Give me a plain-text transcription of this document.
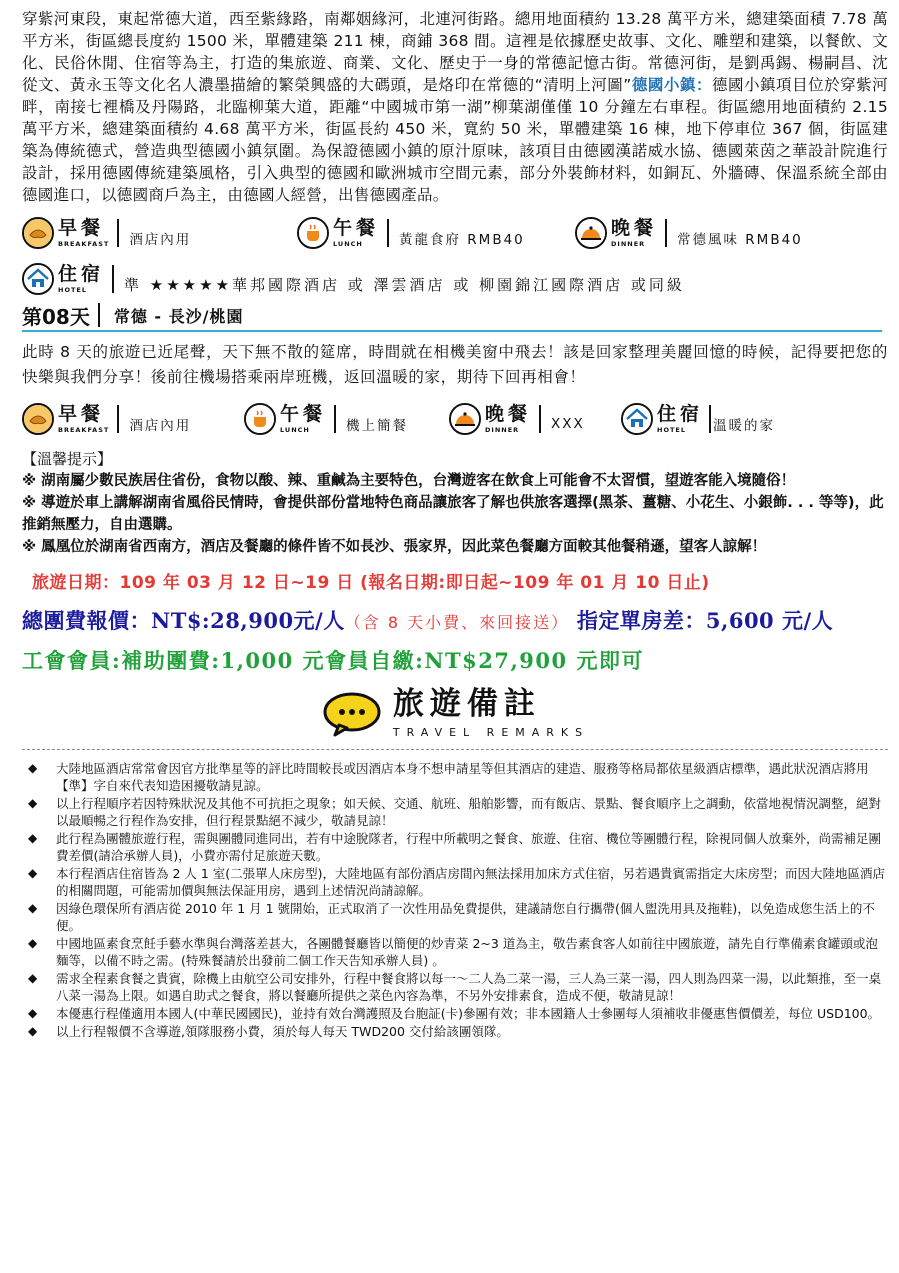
穿紫河東段，東起常德大道，西至紫緣路，南鄰姻緣河，北連河街路。總用地面積約 13.28 萬平方米，總建築面積 7.78 萬平方米，街區總長度約 1500 米，單體建築 211 棟，商鋪 368 間。這裡是依據歷史故事、文化、雕塑和建築，以餐飲、文化、民俗休閒、住宿等為主，打造的集旅遊、商業、文化、歷史于一身的常德記憶古街。常德河街，是劉禹錫、楊嗣昌、沈從文、黃永玉等文化名人濃墨描繪的繁榮興盛的大碼頭，是烙印在常德的“清明上河圖”德國小鎮：德國小鎮項目位於穿紫河畔，南接七裡橋及丹陽路，北臨柳葉大道，距離“中國城市第一湖”柳葉湖僅僅 10 分鐘左右車程。街區總用地面積約 2.15 萬平方米，總建築面積約 4.68 萬平方米，街區長約 450 米，寬約 50 米，單體建築 16 棟，地下停車位 367 個，街區建築為傳統德式，營造典型德國小鎮氛圍。為保證德國小鎮的原汁原味，該項目由德國漢諾威水協、德國萊茵之華設計院進行設計，採用德國傳統建築風格，引入典型的德國和歐洲城市空間元素，部分外裝飾材料，如銅瓦、外牆磚、保溫系統全部由德國進口，以德國商戶為主，由德國人經營，出售德國產品。

早餐
BREAKFAST 酒店內用
午餐
LUNCH	黃龍食府 RMB40
晚餐
DINNER	常德風味 RMB40
住宿
HOTEL	準 ★★★★★華邦國際酒店 或 澤雲酒店 或 柳園錦江國際酒店 或同級
第08天 常德 - 長沙/桃園

此時 8 天的旅遊已近尾聲，天下無不散的筵席，時間就在相機美窗中飛去！該是回家整理美麗回憶的時候，記得要把您的快樂與我們分享！後前往機場搭乘兩岸班機，返回溫暖的家，期待下回再相會！

早餐
BREAKFAST 酒店內用
午餐
LUNCH	機上簡餐
晚餐
DINNER	XXX	住宿
HOTEL	溫暖的家

【溫馨提示】

※ 湖南屬少數民族居住省份，食物以酸、辣、重鹹為主要特色，台灣遊客在飲食上可能會不太習慣，望遊客能入境隨俗！

※ 導遊於車上講解湖南省風俗民情時，會提供部份當地特色商品讓旅客了解也供旅客選擇(黑茶、薑糖、小花生、小銀飾. . . 等等)，此推銷無壓力，自由選購。

※ 鳳凰位於湖南省西南方，酒店及餐廳的條件皆不如長沙、張家界，因此菜色餐廳方面較其他餐稍遜，望客人諒解！

旅遊日期：109 年 03 月 12 日~19 日 (報名日期:即日起~109 年 01 月 10 日止)
總團費報價：NT$:28,900元/人（含 8 天小費、來回接送） 指定單房差：5,600 元/人
工會會員:補助團費:1,000 元會員自繳:NT$27,900 元即可
旅遊備註
TRAVEL REMARKS
◆ 大陸地區酒店常常會因官方批準星等的評比時間較長或因酒店本身不想申請星等但其酒店的建造、服務等格局都依星級酒店標準，遇此狀況酒店將用【準】字自來代表知造困擾敬請見諒。
◆ 以上行程順序若因特殊狀況及其他不可抗拒之現象；如天候、交通、航班、船舶影響，而有飯店、景點、餐食順序上之調動，依當地視情況調整，絕對以最順暢之行程作為安排，但行程景點絕不減少，敬請見諒！
◆ 此行程為團體旅遊行程，需與團體同進同出，若有中途脫隊者，行程中所載明之餐食、旅遊、住宿、機位等團體行程，除視同個人放棄外，尚需補足團費差價(請洽承辦人員)，小費亦需付足旅遊天數。
◆ 本行程酒店住宿皆為 2 人 1 室(二張單人床房型)，大陸地區有部份酒店房間內無法採用加床方式住宿，另若遇貴賓需指定大床房型；而因大陸地區酒店的相關問題，可能需加價與無法保証用房，遇到上述情況尚請諒解。
◆ 因綠色環保所有酒店從 2010 年 1 月 1 號開始，正式取消了一次性用品免費提供，建議請您自行攜帶(個人盥洗用具及拖鞋)，以免造成您生活上的不便。
◆ 中國地區素食烹飪手藝水準與台灣落差甚大，各團體餐廳皆以簡便的炒青菜 2~3 道為主，敬告素食客人如前往中國旅遊，請先自行準備素食罐頭或泡麵等，以備不時之需。(特殊餐請於出發前二個工作天告知承辦人員) 。
◆ 需求全程素食餐之貴賓，除機上由航空公司安排外，行程中餐食將以每一～二人為二菜一湯，三人為三菜一湯，四人則為四菜一湯，以此類推，至一桌八菜一湯為上限。如遇自助式之餐食，將以餐廳所提供之菜色內容為準，不另外安排素食，造成不便，敬請見諒！
◆ 本優惠行程僅適用本國人(中華民國國民)，並持有效台灣護照及台胞証(卡)參團有效；非本國籍人士參團每人須補收非優惠售價價差，每位 USD100。
◆ 以上行程報價不含導遊,領隊服務小費，須於每人每天 TWD200 交付給該團領隊。
